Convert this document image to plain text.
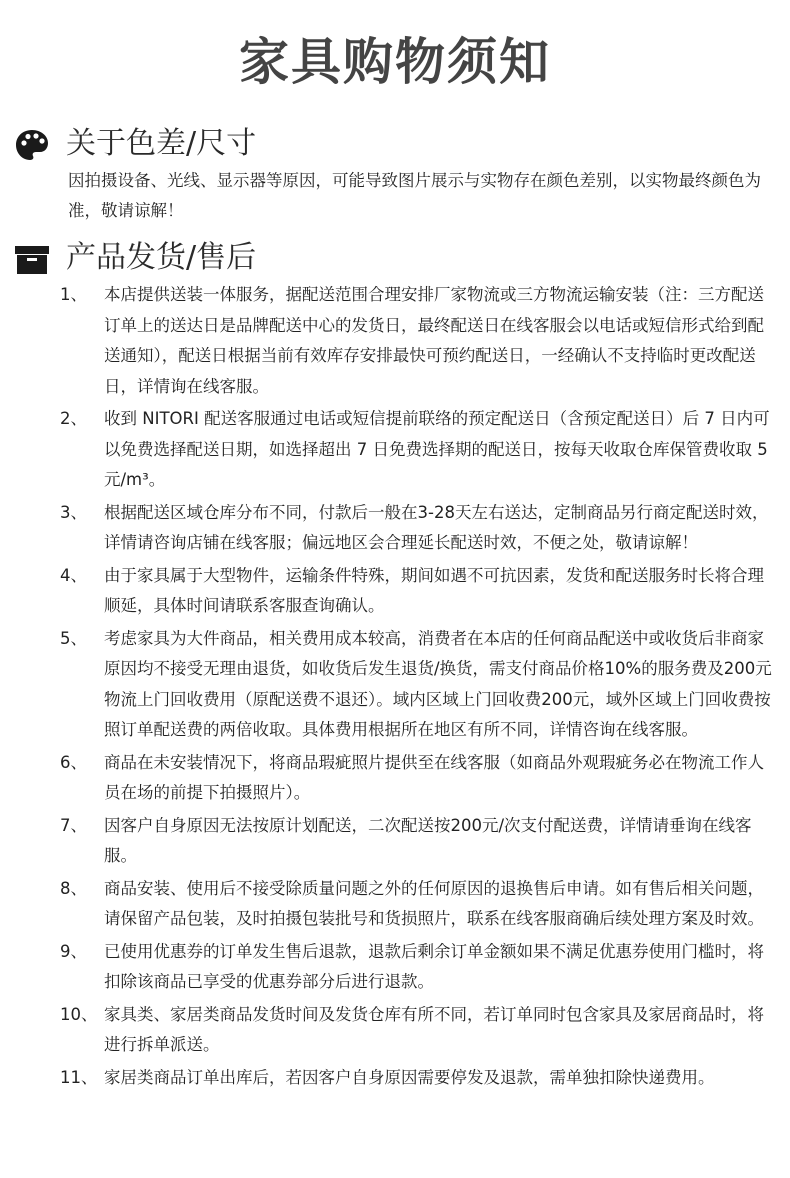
家具购物须知
关于色差/尺寸
因拍摄设备、光线、显示器等原因，可能导致图片展示与实物存在颜色差别，以实物最终颜色为准，敬请谅解！
产品发货/售后
1、	本店提供送装一体服务，据配送范围合理安排厂家物流或三方物流运输安装（注：三方配送订单上的送达日是品牌配送中心的发货日，最终配送日在线客服会以电话或短信形式给到配送通知），配送日根据当前有效库存安排最快可预约配送日，一经确认不支持临时更改配送日，详情询在线客服。
2、	收到 NITORI 配送客服通过电话或短信提前联络的预定配送日（含预定配送日）后 7 日内可以免费选择配送日期，如选择超出 7 日免费选择期的配送日，按每天收取仓库保管费收取 5 元/m³。
3、	根据配送区域仓库分布不同，付款后一般在3-28天左右送达，定制商品另行商定配送时效，详情请咨询店铺在线客服；偏远地区会合理延长配送时效，不便之处，敬请谅解！
4、	由于家具属于大型物件，运输条件特殊，期间如遇不可抗因素，发货和配送服务时长将合理顺延，具体时间请联系客服查询确认。
5、	考虑家具为大件商品，相关费用成本较高，消费者在本店的任何商品配送中或收货后非商家原因均不接受无理由退货，如收货后发生退货/换货，需支付商品价格10%的服务费及200元物流上门回收费用（原配送费不退还）。域内区域上门回收费200元，域外区域上门回收费按照订单配送费的两倍收取。具体费用根据所在地区有所不同，详情咨询在线客服。
6、	商品在未安装情况下，将商品瑕疵照片提供至在线客服（如商品外观瑕疵务必在物流工作人员在场的前提下拍摄照片）。
7、	因客户自身原因无法按原计划配送，二次配送按200元/次支付配送费，详情请垂询在线客服。
8、	商品安装、使用后不接受除质量问题之外的任何原因的退换售后申请。如有售后相关问题，请保留产品包装，及时拍摄包装批号和货损照片，联系在线客服商确后续处理方案及时效。
9、	已使用优惠券的订单发生售后退款，退款后剩余订单金额如果不满足优惠券使用门槛时，将扣除该商品已享受的优惠券部分后进行退款。
10、 家具类、家居类商品发货时间及发货仓库有所不同，若订单同时包含家具及家居商品时，将进行拆单派送。
11、 家居类商品订单出库后，若因客户自身原因需要停发及退款，需单独扣除快递费用。
